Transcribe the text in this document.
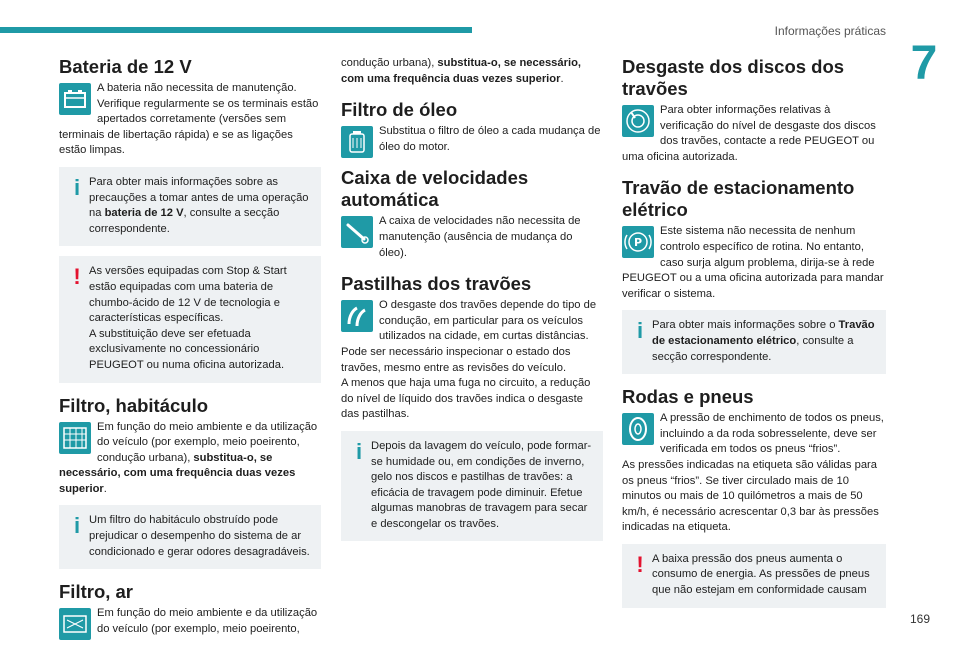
Informações práticas
7
Bateria de 12 V

A bateria não necessita de manutenção. Verifique regularmente se os terminais estão apertados corretamente (versões sem terminais de libertação rápida) e se as ligações estão limpas.

i Para obter mais informações sobre as precauções a tomar antes de uma operação na bateria de 12 V, consulte a secção correspondente.
! As versões equipadas com Stop & Start estão equipadas com uma bateria de chumbo-ácido de 12 V de tecnologia e características específicas.
A substituição deve ser efetuada exclusivamente no concessionário PEUGEOT ou numa oficina autorizada.
Filtro, habitáculo

Em função do meio ambiente e da utilização do veículo (por exemplo, meio poeirento, condução urbana), substitua-o, se necessário, com uma frequência duas vezes superior.

i Um filtro do habitáculo obstruído pode prejudicar o desempenho do sistema de ar condicionado e gerar odores desagradáveis.
Filtro, ar

Em função do meio ambiente e da utilização do veículo (por exemplo, meio poeirento,

condução urbana), substitua-o, se necessário, com uma frequência duas vezes superior.

Filtro de óleo

Substitua o filtro de óleo a cada mudança de óleo do motor.

Caixa de velocidades automática

A caixa de velocidades não necessita de manutenção (ausência de mudança do óleo).

Pastilhas dos travões

O desgaste dos travões depende do tipo de condução, em particular para os veículos utilizados na cidade, em curtas distâncias. Pode ser necessário inspecionar o estado dos travões, mesmo entre as revisões do veículo.

A menos que haja uma fuga no circuito, a redução do nível de líquido dos travões indica o desgaste das pastilhas.

i Depois da lavagem do veículo, pode formar-se humidade ou, em condições de inverno, gelo nos discos e pastilhas de travões: a eficácia de travagem pode diminuir. Efetue algumas manobras de travagem para secar e descongelar os travões.
Desgaste dos discos dos travões

Para obter informações relativas à verificação do nível de desgaste dos discos dos travões, contacte a rede PEUGEOT ou uma oficina autorizada.

Travão de estacionamento elétrico
P

Este sistema não necessita de nenhum controlo específico de rotina. No entanto, caso surja algum problema, dirija-se à rede PEUGEOT ou a uma oficina autorizada para mandar verificar o sistema.

i Para obter mais informações sobre o Travão de estacionamento elétrico, consulte a secção correspondente.
Rodas e pneus

A pressão de enchimento de todos os pneus, incluindo a da roda sobresselente, deve ser verificada em todos os pneus “frios”.

As pressões indicadas na etiqueta são válidas para os pneus “frios”. Se tiver circulado mais de 10 minutos ou mais de 10 quilómetros a mais de 50 km/h, é necessário acrescentar 0,3 bar às pressões indicadas na etiqueta.

! A baixa pressão dos pneus aumenta o consumo de energia. As pressões de pneus que não estejam em conformidade causam
169
